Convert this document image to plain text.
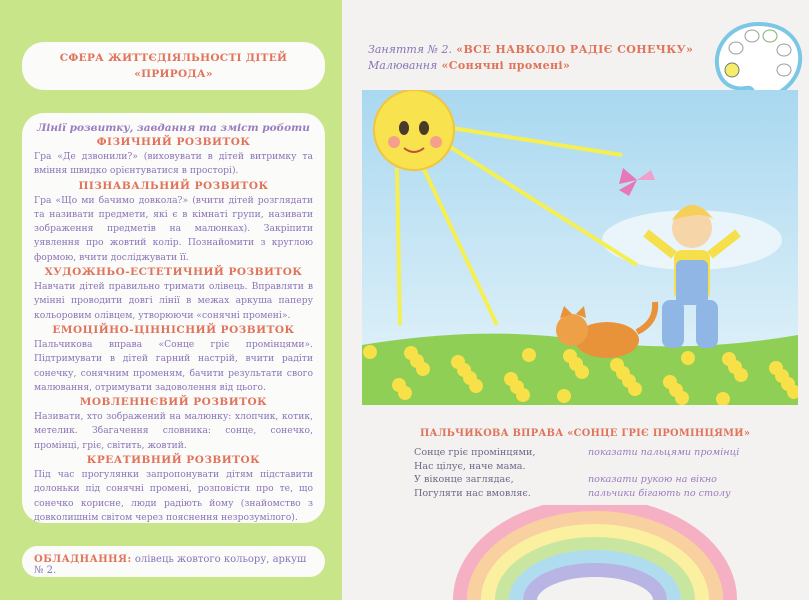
СФЕРА ЖИТТЄДІЯЛЬНОСТІ ДІТЕЙ
«ПРИРОДА»
Лінії розвитку, завдання та зміст роботи
ФІЗИЧНИЙ РОЗВИТОК
Гра «Де дзвонили?» (виховувати в дітей витримку та вміння швидко орієнтуватися в просторі).
ПІЗНАВАЛЬНИЙ РОЗВИТОК
Гра «Що ми бачимо довкола?» (вчити дітей розглядати та називати предмети, які є в кімнаті групи, називати зображення предметів на малюнках). Закріпити уявлення про жовтий колір. Познайомити з круглою формою, вчити досліджувати її.
ХУДОЖНЬО-ЕСТЕТИЧНИЙ РОЗВИТОК
Навчати дітей правильно тримати олівець. Вправляти в умінні проводити довгі лінії в межах аркуша паперу кольоровим олівцем, утворюючи «сонячні промені».
ЕМОЦІЙНО-ЦІННІСНИЙ РОЗВИТОК
Пальчикова вправа «Сонце гріє промінцями». Підтримувати в дітей гарний настрій, вчити радіти сонечку, сонячним променям, бачити результати свого малювання, отримувати задоволення від цього.
МОВЛЕННЄВИЙ РОЗВИТОК
Називати, хто зображений на малюнку: хлопчик, котик, метелик. Збагачення словника: сонце, сонечко, промінці, гріє, світить, жовтий.
КРЕАТИВНИЙ РОЗВИТОК
Під час прогулянки запропонувати дітям підставити долоньки під сонячні промені, розповісти про те, що сонечко корисне, люди радіють йому (знайомство з довколишнім світом через пояснення незрозумілого).
ОБЛАДНАННЯ: олівець жовтого кольору, аркуш № 2.
Заняття № 2. «ВСЕ НАВКОЛО РАДІЄ СОНЕЧКУ»
Малювання «Сонячні промені»
ПАЛЬЧИКОВА ВПРАВА «СОНЦЕ ГРІЄ ПРОМІНЦЯМИ»
Сонце гріє промінцями,
Нас цілує, наче мама.
У віконце заглядає,
Погуляти нас вмовляє.
показати пальцями промінці
показати рукою на вікно
пальчики бігають по столу
